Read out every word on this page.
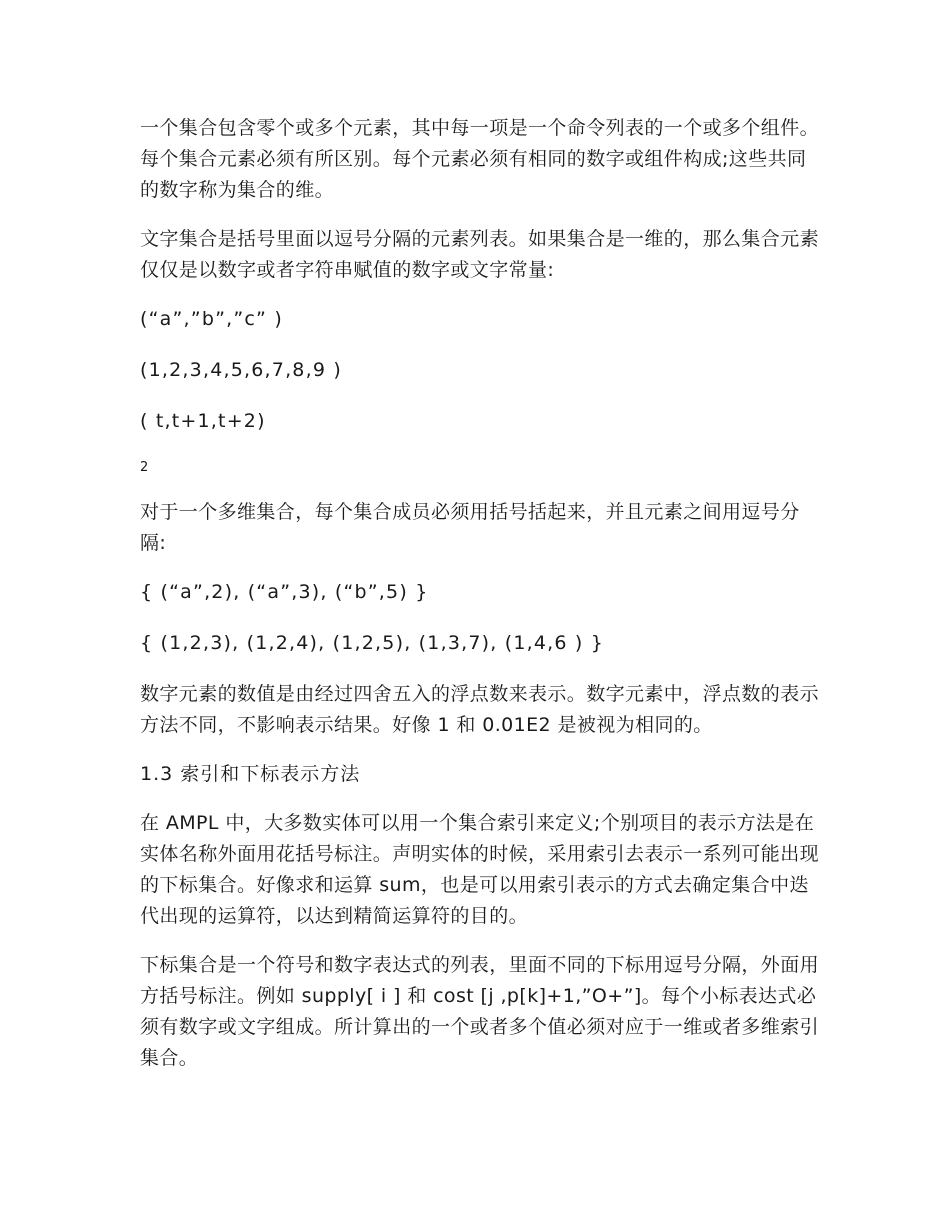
一个集合包含零个或多个元素，其中每一项是一个命令列表的一个或多个组件。每个集合元素必须有所区别。每个元素必须有相同的数字或组件构成;这些共同的数字称为集合的维。

文字集合是括号里面以逗号分隔的元素列表。如果集合是一维的，那么集合元素仅仅是以数字或者字符串赋值的数字或文字常量:

(“a”,”b”,”c” )

(1,2,3,4,5,6,7,8,9 )

( t,t+1,t+2)

2

对于一个多维集合，每个集合成员必须用括号括起来，并且元素之间用逗号分隔:

{ (“a”,2), (“a”,3), (“b”,5) }

{ (1,2,3), (1,2,4), (1,2,5), (1,3,7), (1,4,6 ) }

数字元素的数值是由经过四舍五入的浮点数来表示。数字元素中，浮点数的表示方法不同，不影响表示结果。好像 1 和 0.01E2 是被视为相同的。

1.3 索引和下标表示方法

在 AMPL 中，大多数实体可以用一个集合索引来定义;个别项目的表示方法是在实体名称外面用花括号标注。声明实体的时候，采用索引去表示一系列可能出现的下标集合。好像求和运算 sum，也是可以用索引表示的方式去确定集合中迭代出现的运算符，以达到精简运算符的目的。

下标集合是一个符号和数字表达式的列表，里面不同的下标用逗号分隔，外面用方括号标注。例如 supply[ i ] 和 cost [j ,p[k]+1,”O+”]。每个小标表达式必须有数字或文字组成。所计算出的一个或者多个值必须对应于一维或者多维索引集合。
